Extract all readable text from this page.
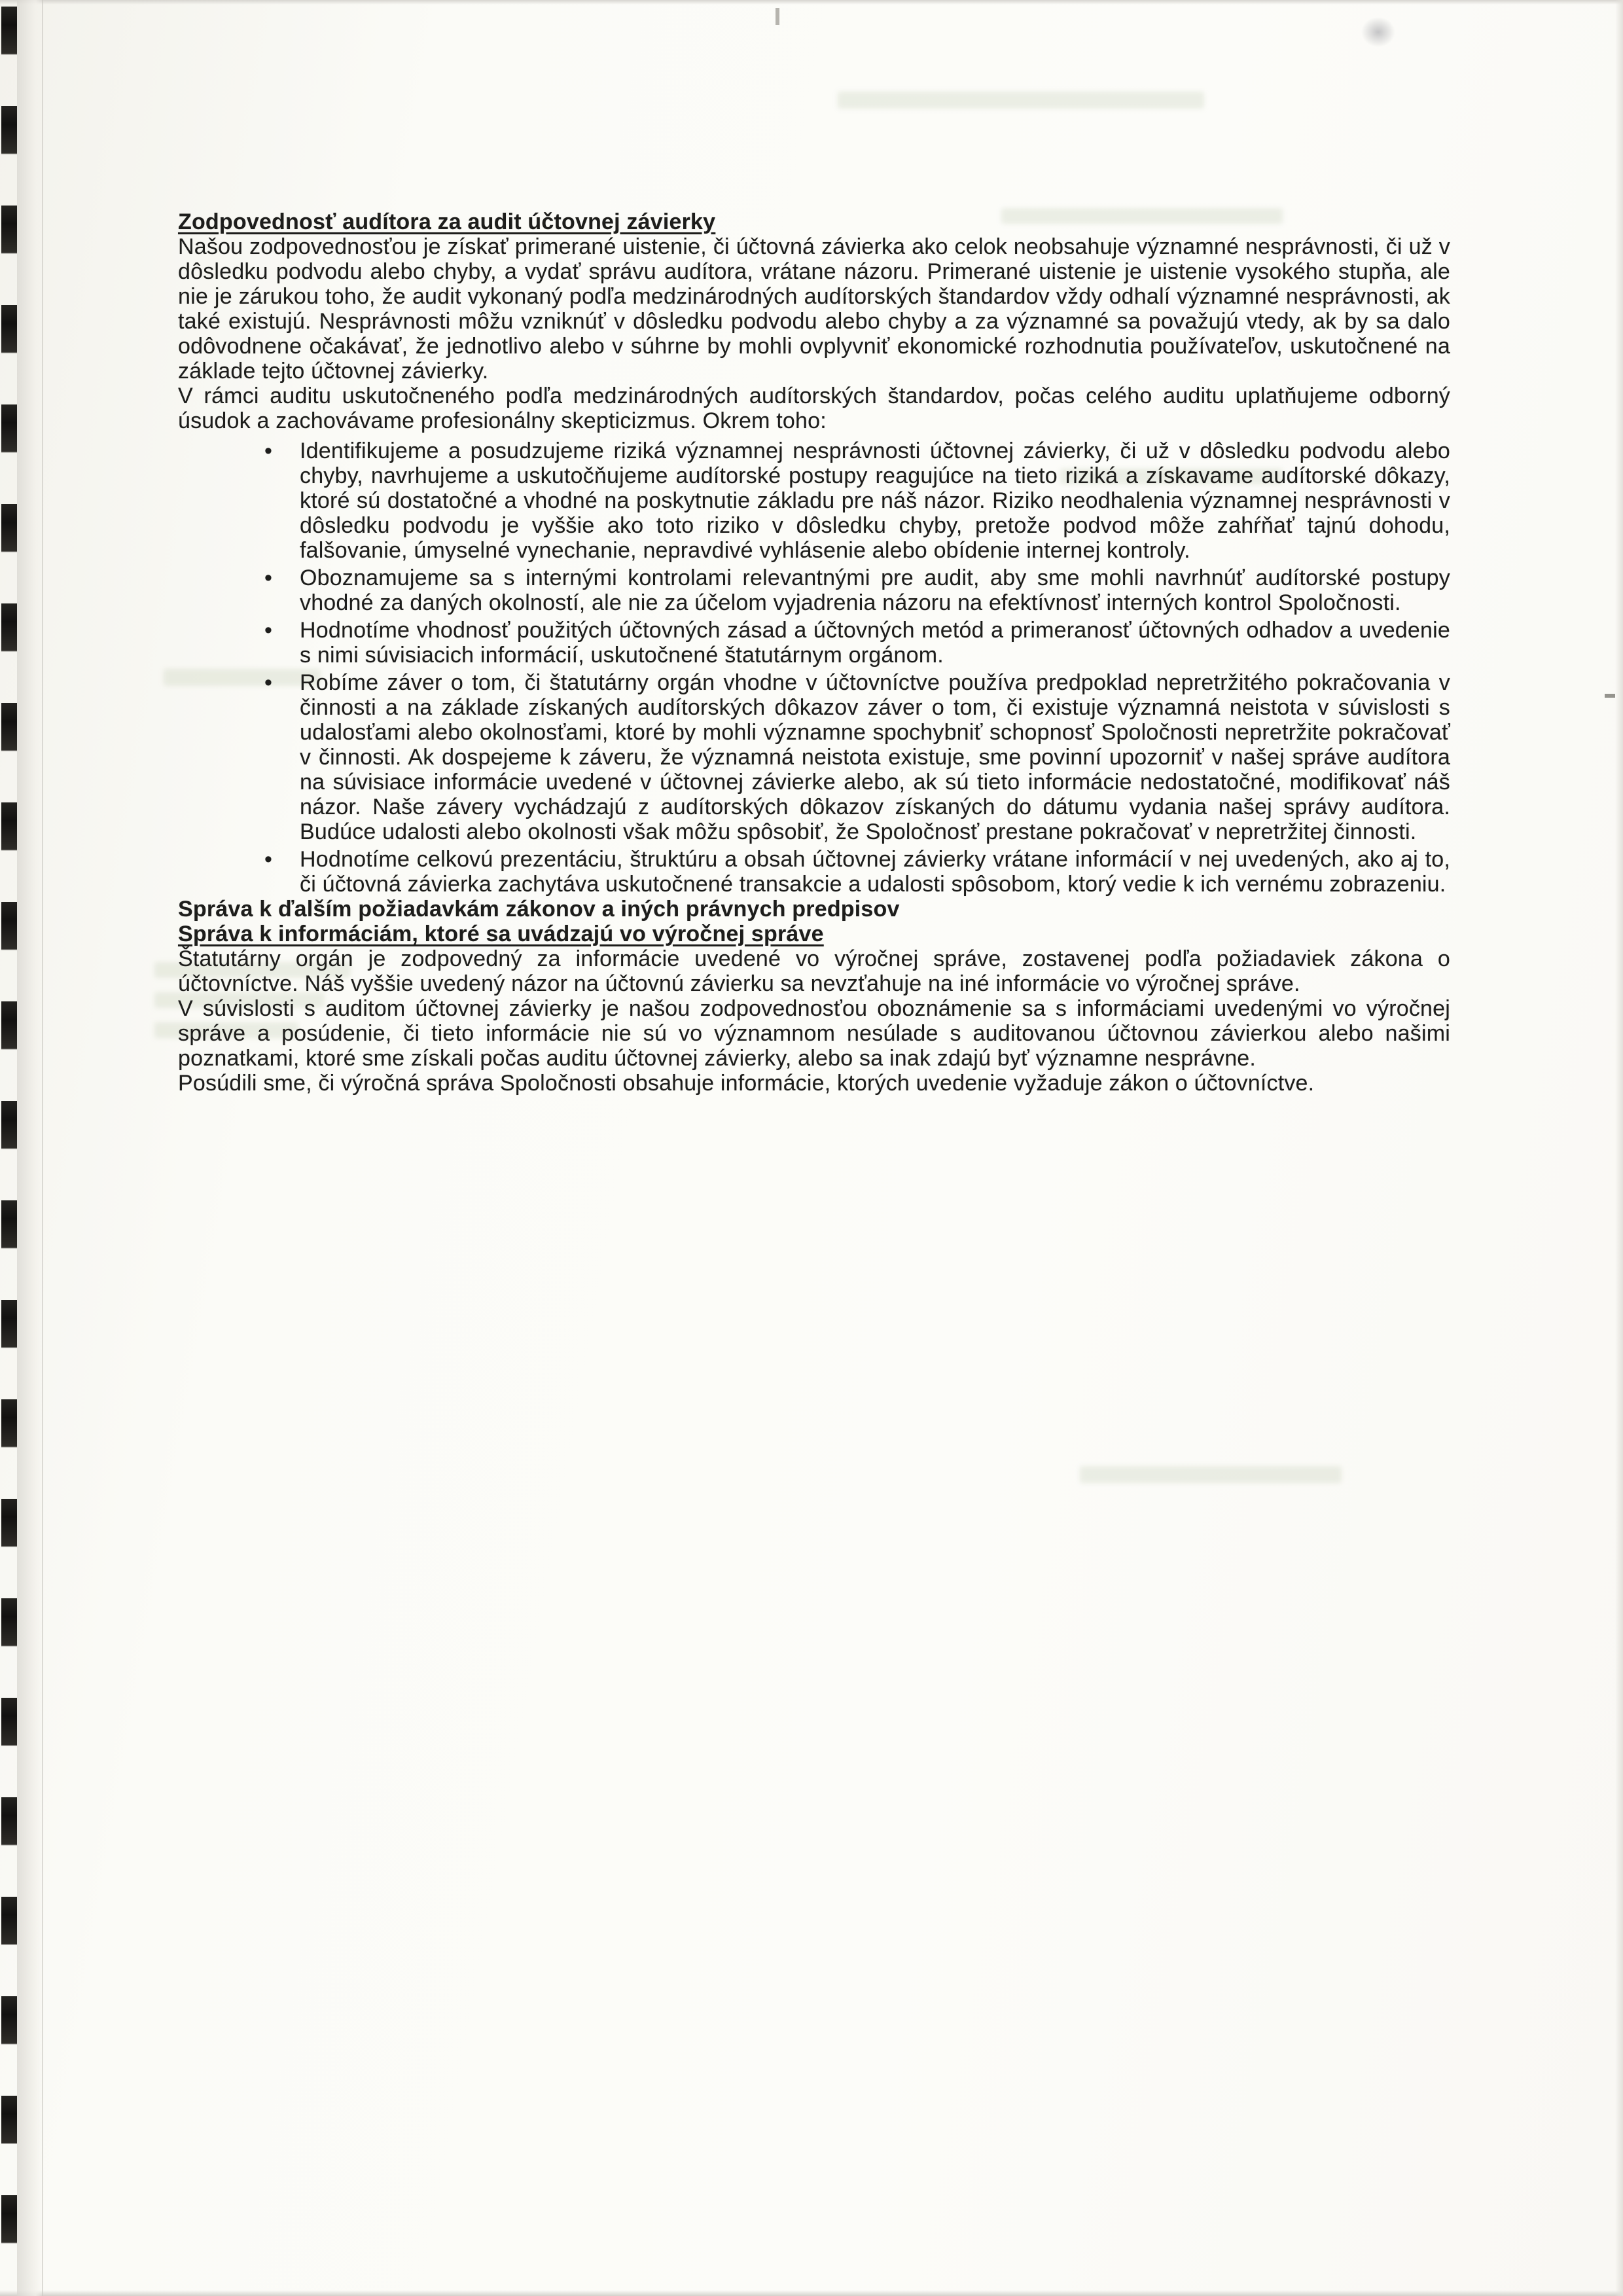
Zodpovednosť audítora za audit účtovnej závierky

Našou zodpovednosťou je získať primerané uistenie, či účtovná závierka ako celok neobsahuje významné nesprávnosti, či už v dôsledku podvodu alebo chyby, a vydať správu audítora, vrátane názoru. Primerané uistenie je uistenie vysokého stupňa, ale nie je zárukou toho, že audit vykonaný podľa medzinárodných audítorských štandardov vždy odhalí významné nesprávnosti, ak také existujú. Nesprávnosti môžu vzniknúť v dôsledku podvodu alebo chyby a za významné sa považujú vtedy, ak by sa dalo odôvodnene očakávať, že jednotlivo alebo v súhrne by mohli ovplyvniť ekonomické rozhodnutia používateľov, uskutočnené na základe tejto účtovnej závierky.

V rámci auditu uskutočneného podľa medzinárodných audítorských štandardov, počas celého auditu uplatňujeme odborný úsudok a zachovávame profesionálny skepticizmus. Okrem toho:

• Identifikujeme a posudzujeme riziká významnej nesprávnosti účtovnej závierky, či už v dôsledku podvodu alebo chyby, navrhujeme a uskutočňujeme audítorské postupy reagujúce na tieto riziká a získavame audítorské dôkazy, ktoré sú dostatočné a vhodné na poskytnutie základu pre náš názor. Riziko neodhalenia významnej nesprávnosti v dôsledku podvodu je vyššie ako toto riziko v dôsledku chyby, pretože podvod môže zahŕňať tajnú dohodu, falšovanie, úmyselné vynechanie, nepravdivé vyhlásenie alebo obídenie internej kontroly.
• Oboznamujeme sa s internými kontrolami relevantnými pre audit, aby sme mohli navrhnúť audítorské postupy vhodné za daných okolností, ale nie za účelom vyjadrenia názoru na efektívnosť interných kontrol Spoločnosti.
• Hodnotíme vhodnosť použitých účtovných zásad a účtovných metód a primeranosť účtovných odhadov a uvedenie s nimi súvisiacich informácií, uskutočnené štatutárnym orgánom.
• Robíme záver o tom, či štatutárny orgán vhodne v účtovníctve používa predpoklad nepretržitého pokračovania v činnosti a na základe získaných audítorských dôkazov záver o tom, či existuje významná neistota v súvislosti s udalosťami alebo okolnosťami, ktoré by mohli významne spochybniť schopnosť Spoločnosti nepretržite pokračovať v činnosti. Ak dospejeme k záveru, že významná neistota existuje, sme povinní upozorniť v našej správe audítora na súvisiace informácie uvedené v účtovnej závierke alebo, ak sú tieto informácie nedostatočné, modifikovať náš názor. Naše závery vychádzajú z audítorských dôkazov získaných do dátumu vydania našej správy audítora. Budúce udalosti alebo okolnosti však môžu spôsobiť, že Spoločnosť prestane pokračovať v nepretržitej činnosti.
• Hodnotíme celkovú prezentáciu, štruktúru a obsah účtovnej závierky vrátane informácií v nej uvedených, ako aj to, či účtovná závierka zachytáva uskutočnené transakcie a udalosti spôsobom, ktorý vedie k ich vernému zobrazeniu.
Správa k ďalším požiadavkám zákonov a iných právnych predpisov
Správa k informáciám, ktoré sa uvádzajú vo výročnej správe

Štatutárny orgán je zodpovedný za informácie uvedené vo výročnej správe, zostavenej podľa požiadaviek zákona o účtovníctve. Náš vyššie uvedený názor na účtovnú závierku sa nevzťahuje na iné informácie vo výročnej správe.

V súvislosti s auditom účtovnej závierky je našou zodpovednosťou oboznámenie sa s informáciami uvedenými vo výročnej správe a posúdenie, či tieto informácie nie sú vo významnom nesúlade s auditovanou účtovnou závierkou alebo našimi poznatkami, ktoré sme získali počas auditu účtovnej závierky, alebo sa inak zdajú byť významne nesprávne.

Posúdili sme, či výročná správa Spoločnosti obsahuje informácie, ktorých uvedenie vyžaduje zákon o účtovníctve.
